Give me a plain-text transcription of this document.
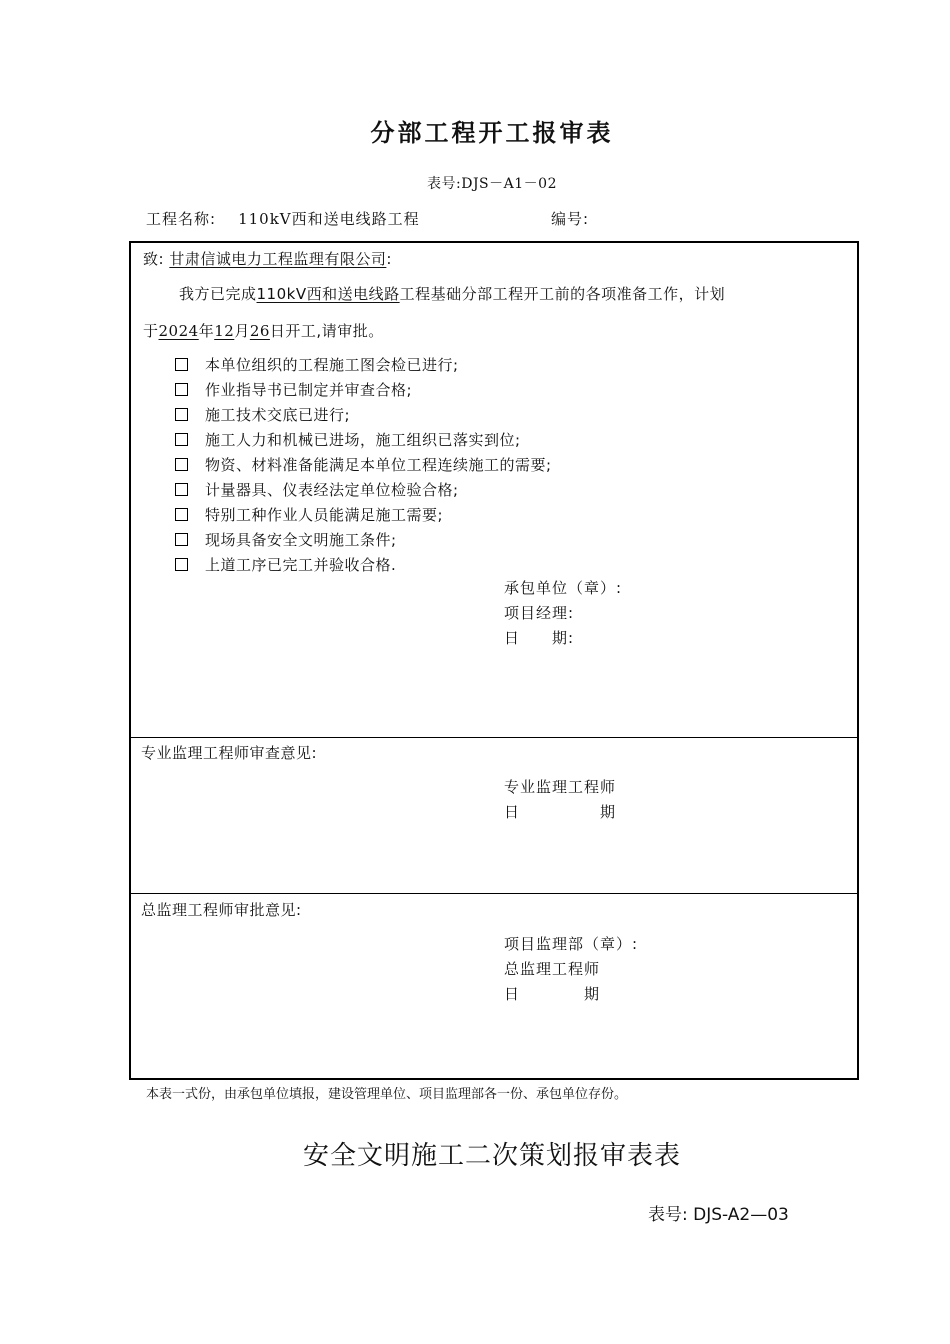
分部工程开工报审表
表号:DJS－A1－02
工程名称: 110kV西和送电线路工程	编号:
致: 甘肃信诚电力工程监理有限公司:
我方已完成110kV西和送电线路工程基础分部工程开工前的各项准备工作，计划
于2024年12月26日开工,请审批。
本单位组织的工程施工图会检已进行;
作业指导书已制定并审查合格;
施工技术交底已进行;
施工人力和机械已进场，施工组织已落实到位;
物资、材料准备能满足本单位工程连续施工的需要;
计量器具、仪表经法定单位检验合格;
特别工种作业人员能满足施工需要;
现场具备安全文明施工条件;
上道工序已完工并验收合格.
承包单位（章）:
项目经理:
日　　期:
专业监理工程师审查意见:
专业监理工程师
日　　　　　期
总监理工程师审批意见:
项目监理部（章）:
总监理工程师
日　　　　期
本表一式份，由承包单位填报，建设管理单位、项目监理部各一份、承包单位存份。
安全文明施工二次策划报审表表
表号: DJS-A2—03
